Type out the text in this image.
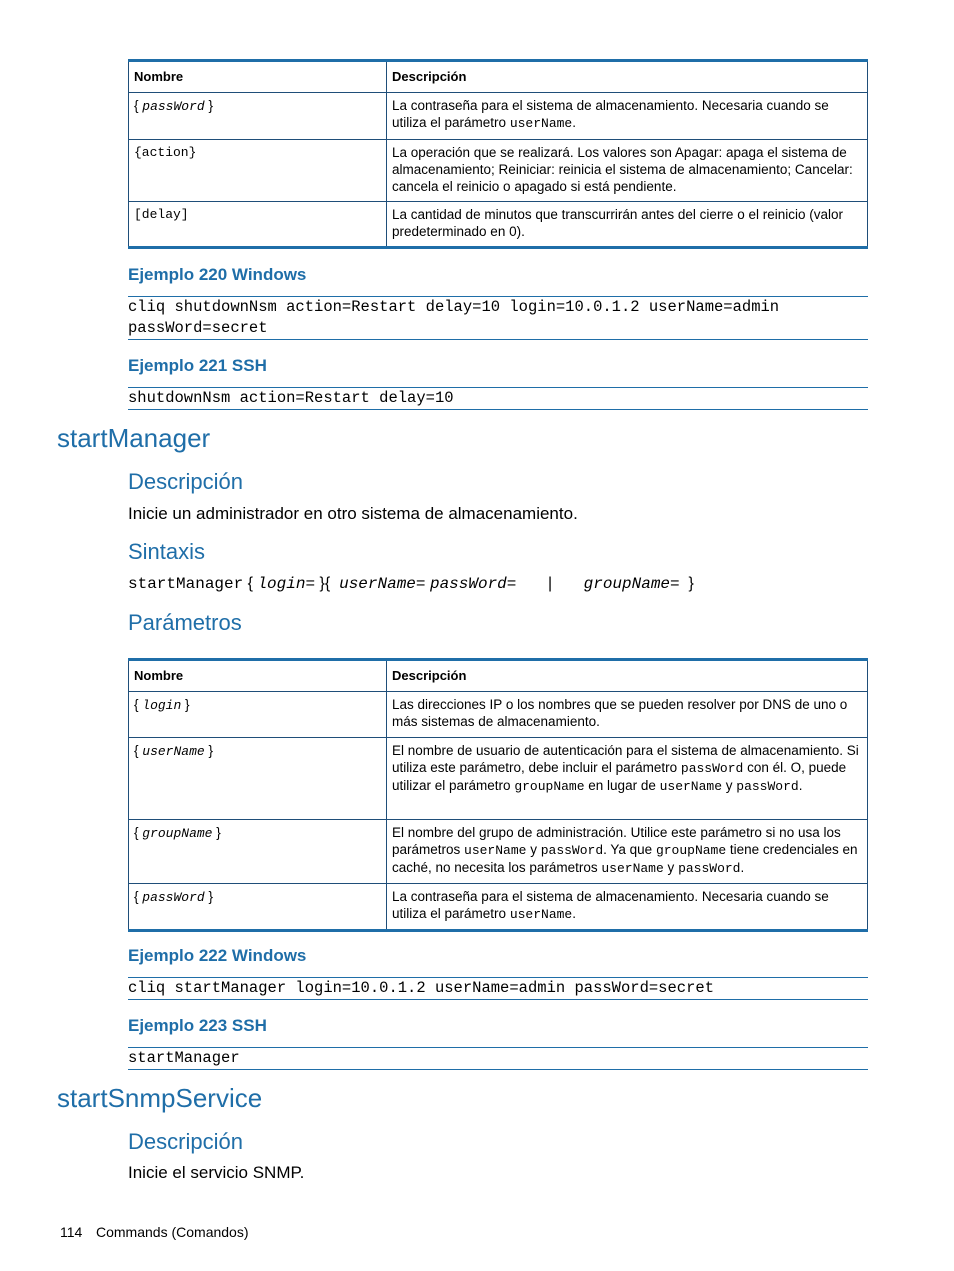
Nombre	Descripción
{ passWord }	La contraseña para el sistema de almacenamiento. Necesaria cuando se utiliza el parámetro userName.
{action}	La operación que se realizará. Los valores son Apagar: apaga el sistema de almacenamiento; Reiniciar: reinicia el sistema de almacenamiento; Cancelar: cancela el reinicio o apagado si está pendiente.
[delay]	La cantidad de minutos que transcurrirán antes del cierre o el reinicio (valor predeterminado en 0).
Ejemplo 220 Windows
cliq shutdownNsm action=Restart delay=10 login=10.0.1.2 userName=admin
passWord=secret
Ejemplo 221 SSH
shutdownNsm action=Restart delay=10
startManager
Descripción
Inicie un administrador en otro sistema de almacenamiento.
Sintaxis
startManager { login= }{  userName= passWord=   |   groupName=  }
Parámetros
Nombre	Descripción
{ login }	Las direcciones IP o los nombres que se pueden resolver por DNS de uno o más sistemas de almacenamiento.
{ userName }	El nombre de usuario de autenticación para el sistema de almacenamiento. Si utiliza este parámetro, debe incluir el parámetro passWord con él. O, puede utilizar el parámetro groupName en lugar de userName y passWord.
{ groupName }	El nombre del grupo de administración. Utilice este parámetro si no usa los parámetros userName y passWord. Ya que groupName tiene credenciales en caché, no necesita los parámetros userName y passWord.
{ passWord }	La contraseña para el sistema de almacenamiento. Necesaria cuando se utiliza el parámetro userName.
Ejemplo 222 Windows
cliq startManager login=10.0.1.2 userName=admin passWord=secret
Ejemplo 223 SSH
startManager
startSnmpService
Descripción
Inicie el servicio SNMP.
114 Commands (Comandos)
